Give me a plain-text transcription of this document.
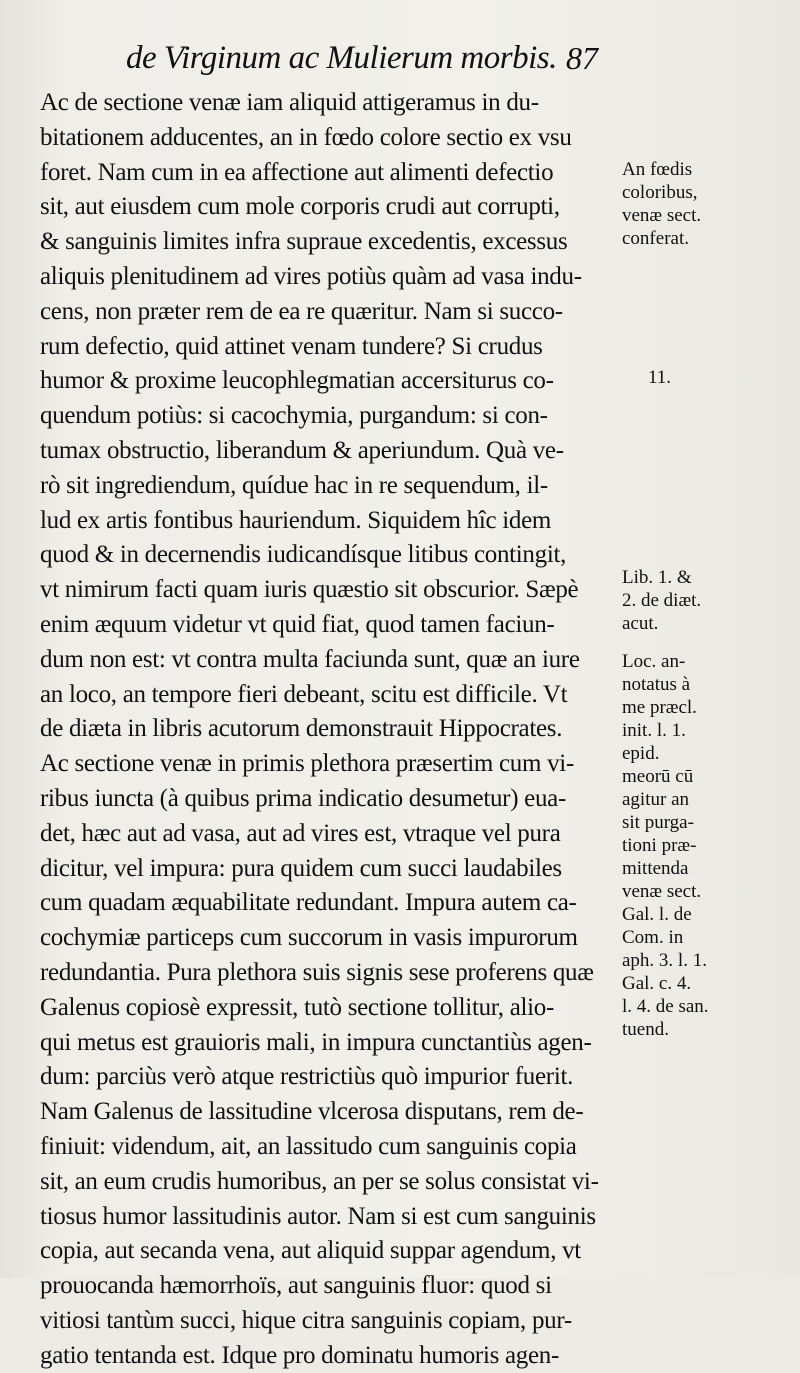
de Virginum ac Mulierum morbis. 87
Ac de sectione venæ iam aliquid attigeramus in du-
bitationem adducentes, an in fœdo colore sectio ex vsu
foret. Nam cum in ea affectione aut alimenti defectio
sit, aut eiusdem cum mole corporis crudi aut corrupti,
& sanguinis limites infra supraue excedentis, excessus
aliquis plenitudinem ad vires potiùs quàm ad vasa indu-
cens, non præter rem de ea re quæritur. Nam si succo-
rum defectio, quid attinet venam tundere? Si crudus
humor & proxime leucophlegmatian accersiturus co-
quendum potiùs: si cacochymia, purgandum: si con-
tumax obstructio, liberandum & aperiundum. Quà ve-
rò sit ingrediendum, quídue hac in re sequendum, il-
lud ex artis fontibus hauriendum. Siquidem hîc idem
quod & in decernendis iudicandísque litibus contingit,
vt nimirum facti quam iuris quæstio sit obscurior. Sæpè
enim æquum videtur vt quid fiat, quod tamen faciun-
dum non est: vt contra multa faciunda sunt, quæ an iure
an loco, an tempore fieri debeant, scitu est difficile. Vt
de diæta in libris acutorum demonstrauit Hippocrates.
Ac sectione venæ in primis plethora præsertim cum vi-
ribus iuncta (à quibus prima indicatio desumetur) eua-
det, hæc aut ad vasa, aut ad vires est, vtraque vel pura
dicitur, vel impura: pura quidem cum succi laudabiles
cum quadam æquabilitate redundant. Impura autem ca-
cochymiæ particeps cum succorum in vasis impurorum
redundantia. Pura plethora suis signis sese proferens quæ
Galenus copiosè expressit, tutò sectione tollitur, alio-
qui metus est grauioris mali, in impura cunctantiùs agen-
dum: parciùs verò atque restrictiùs quò impurior fuerit.
Nam Galenus de lassitudine vlcerosa disputans, rem de-
finiuit: videndum, ait, an lassitudo cum sanguinis copia
sit, an eum crudis humoribus, an per se solus consistat vi-
tiosus humor lassitudinis autor. Nam si est cum sanguinis
copia, aut secanda vena, aut aliquid suppar agendum, vt
prouocanda hæmorrhoïs, aut sanguinis fluor: quod si
vitiosi tantùm succi, hique citra sanguinis copiam, pur-
gatio tentanda est. Idque pro dominatu humoris agen-
An fœdis
coloribus,
venæ sect.
conferat.
11.
Lib. 1. &
2. de diæt.
acut.
Loc. an-
notatus à
me præcl.
init. l. 1.
epid.
meorū cū
agitur an
sit purga-
tioni præ-
mittenda
venæ sect.
Gal. l. de
Com. in
aph. 3. l. 1.
Gal. c. 4.
l. 4. de san.
tuend.
